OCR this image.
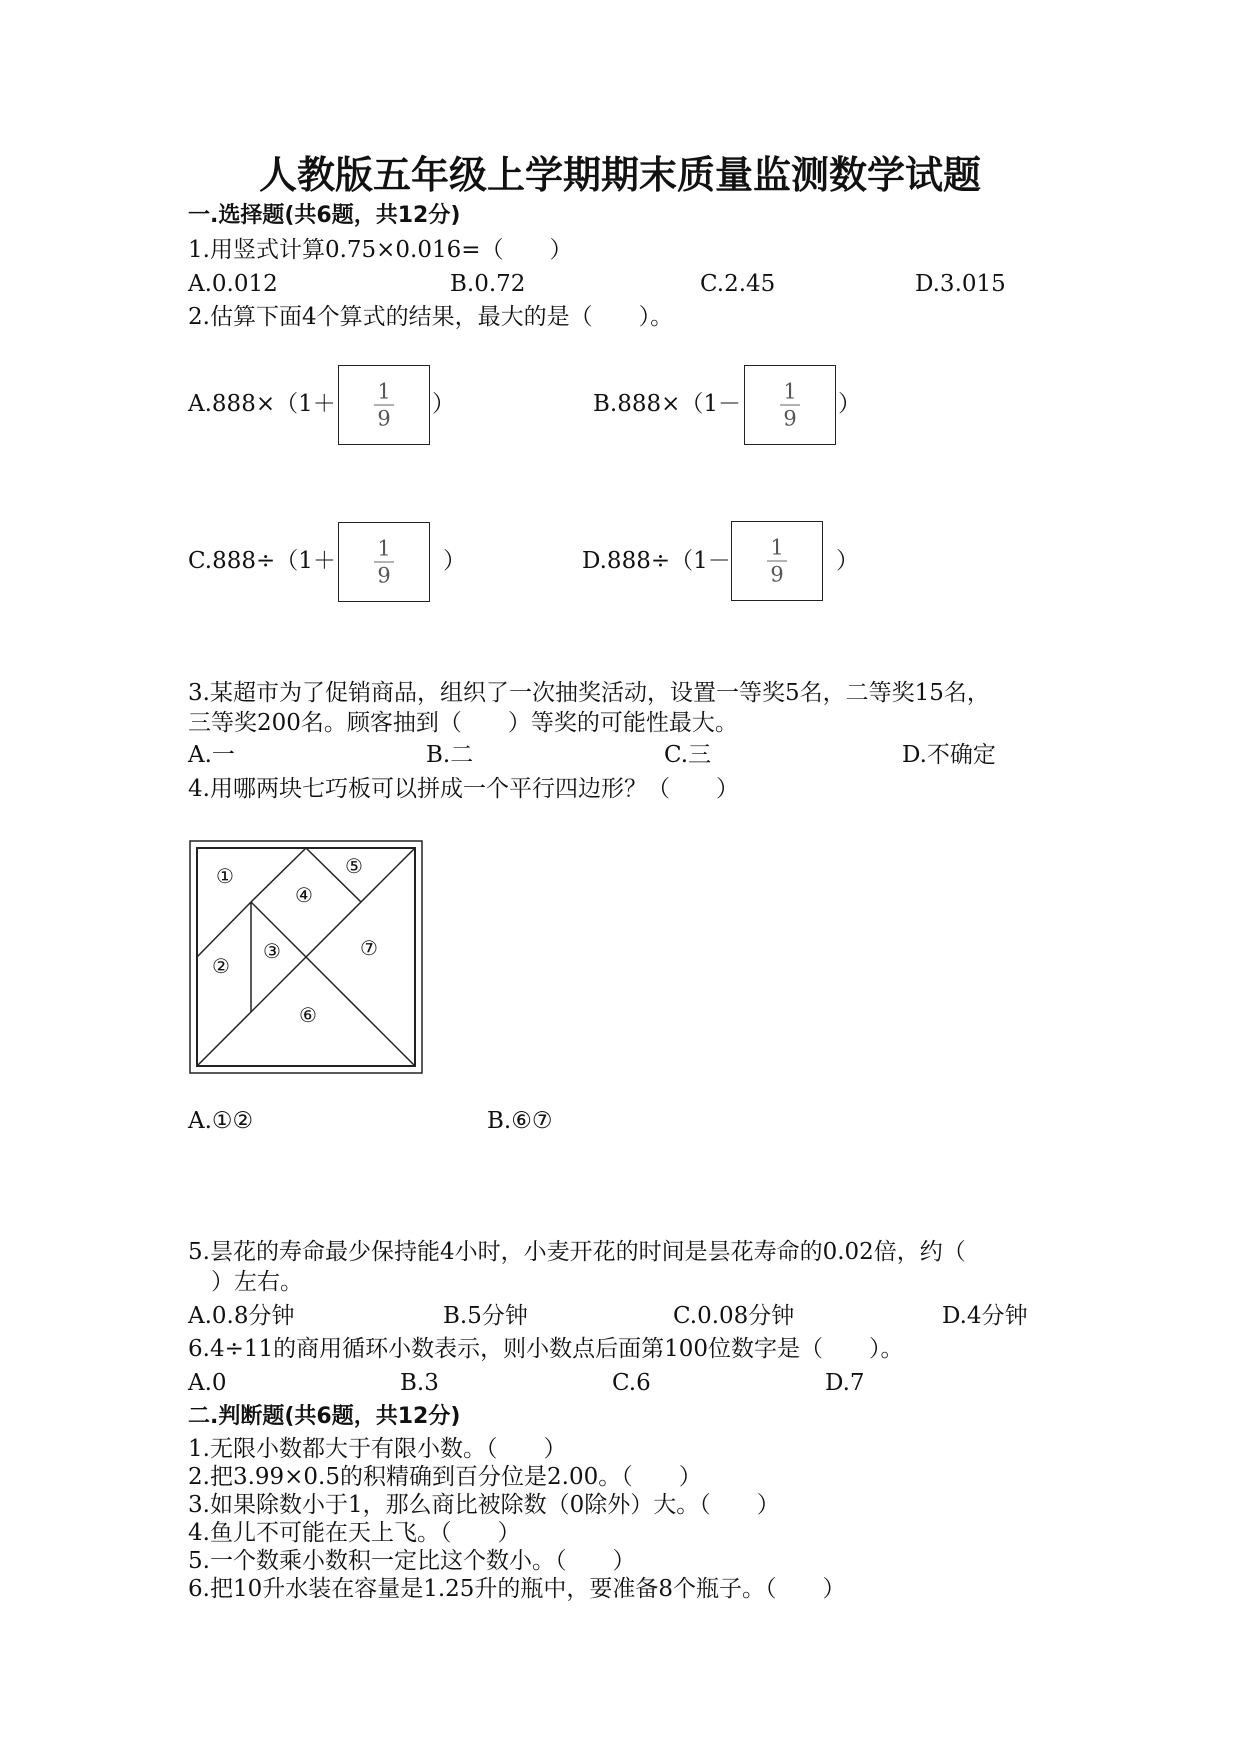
人教版五年级上学期期末质量监测数学试题
一.选择题(共6题，共12分)
1.用竖式计算0.75×0.016=（　　）
A.0.012	B.0.72	C.2.45	D.3.015
2.估算下面4个算式的结果，最大的是（　　）。
A.888×（1＋ 1
9
）	B.888×（1－ 1
9
）
C.888÷（1＋ 1
9
）	D.888÷（1－
1
9
）
3.某超市为了促销商品，组织了一次抽奖活动，设置一等奖5名，二等奖15名，
三等奖200名。顾客抽到（　　）等奖的可能性最大。
A.一	B.二	C.三	D.不确定
4.用哪两块七巧板可以拼成一个平行四边形？（　　）
①
②
③
④
⑤
⑥
⑦
A.①②	B.⑥⑦
5.昙花的寿命最少保持能4小时，小麦开花的时间是昙花寿命的0.02倍，约（
　）左右。
A.0.8分钟	B.5分钟	C.0.08分钟	D.4分钟
6.4÷11的商用循环小数表示，则小数点后面第100位数字是（　　）。
A.0	B.3	C.6	D.7
二.判断题(共6题，共12分)
1.无限小数都大于有限小数。（　　）
2.把3.99×0.5的积精确到百分位是2.00。（　　）
3.如果除数小于1，那么商比被除数（0除外）大。（　　）
4.鱼儿不可能在天上飞。（　　）
5.一个数乘小数积一定比这个数小。（　　）
6.把10升水装在容量是1.25升的瓶中，要准备8个瓶子。（　　）
